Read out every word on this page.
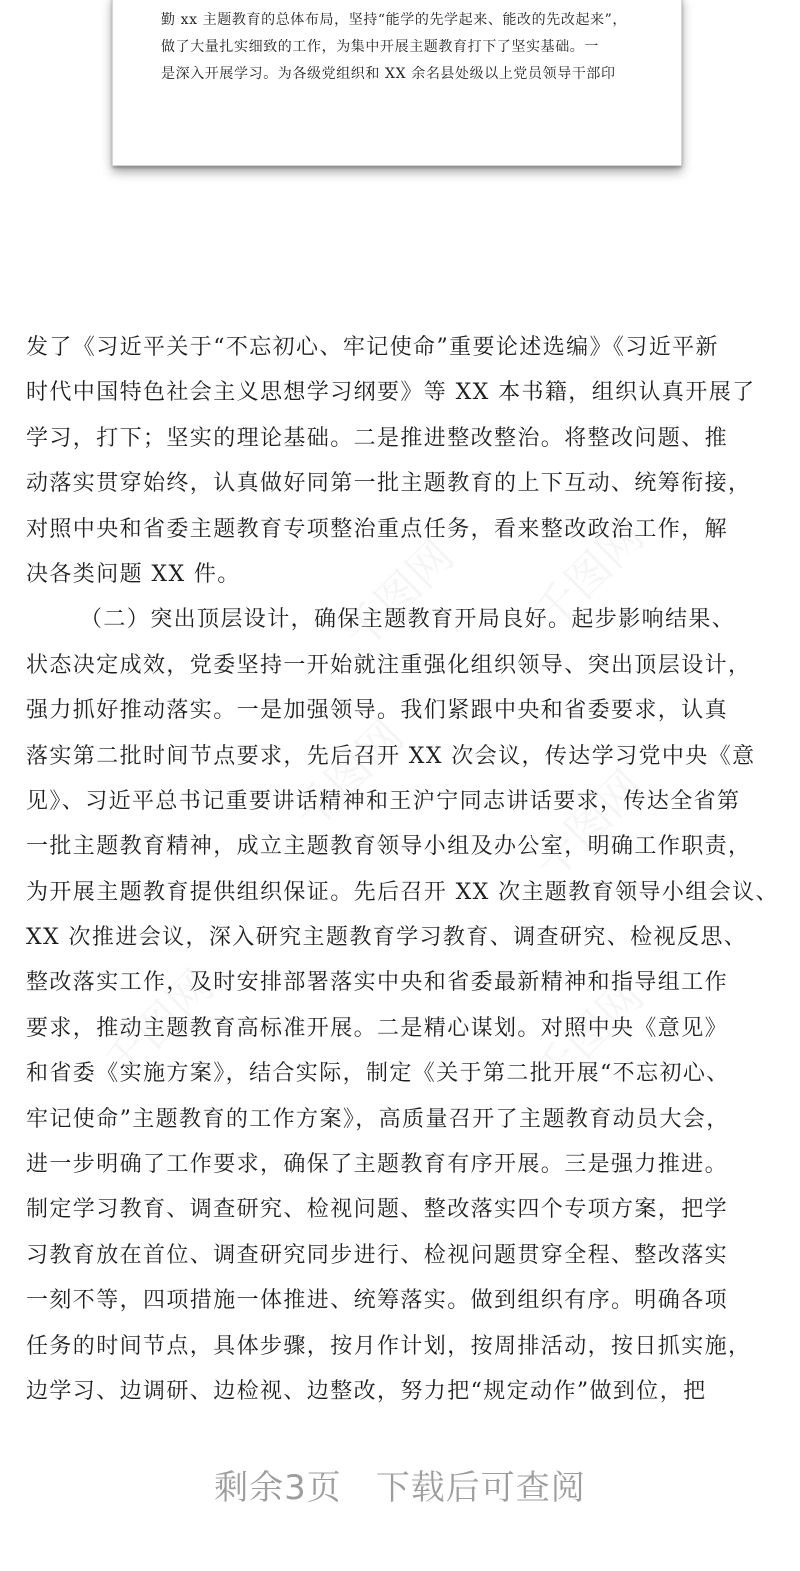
勤 xx 主题教育的总体布局，坚持“能学的先学起来、能改的先改起来”，
做了大量扎实细致的工作，为集中开展主题教育打下了坚实基础。一
是深入开展学习。为各级党组织和 XX 余名县处级以上党员领导干部印
千图网 千图网
千图网	千图网
千图网	千图网
发了《习近平关于“不忘初心、牢记使命”重要论述选编》《习近平新
时代中国特色社会主义思想学习纲要》等 XX 本书籍，组织认真开展了
学习，打下；坚实的理论基础。二是推进整改整治。将整改问题、推
动落实贯穿始终，认真做好同第一批主题教育的上下互动、统筹衔接，
对照中央和省委主题教育专项整治重点任务，看来整改政治工作，解
决各类问题 XX 件。
（二）突出顶层设计，确保主题教育开局良好。起步影响结果、
状态决定成效，党委坚持一开始就注重强化组织领导、突出顶层设计，
强力抓好推动落实。一是加强领导。我们紧跟中央和省委要求，认真
落实第二批时间节点要求，先后召开 XX 次会议，传达学习党中央《意
见》、习近平总书记重要讲话精神和王沪宁同志讲话要求，传达全省第
一批主题教育精神，成立主题教育领导小组及办公室，明确工作职责，
为开展主题教育提供组织保证。先后召开 XX 次主题教育领导小组会议、
XX 次推进会议，深入研究主题教育学习教育、调查研究、检视反思、
整改落实工作，及时安排部署落实中央和省委最新精神和指导组工作
要求，推动主题教育高标准开展。二是精心谋划。对照中央《意见》
和省委《实施方案》，结合实际，制定《关于第二批开展“不忘初心、
牢记使命”主题教育的工作方案》，高质量召开了主题教育动员大会，
进一步明确了工作要求，确保了主题教育有序开展。三是强力推进。
制定学习教育、调查研究、检视问题、整改落实四个专项方案，把学
习教育放在首位、调查研究同步进行、检视问题贯穿全程、整改落实
一刻不等，四项措施一体推进、统筹落实。做到组织有序。明确各项
任务的时间节点，具体步骤，按月作计划，按周排活动，按日抓实施，
边学习、边调研、边检视、边整改，努力把“规定动作”做到位，把
剩余3页 下载后可查阅
